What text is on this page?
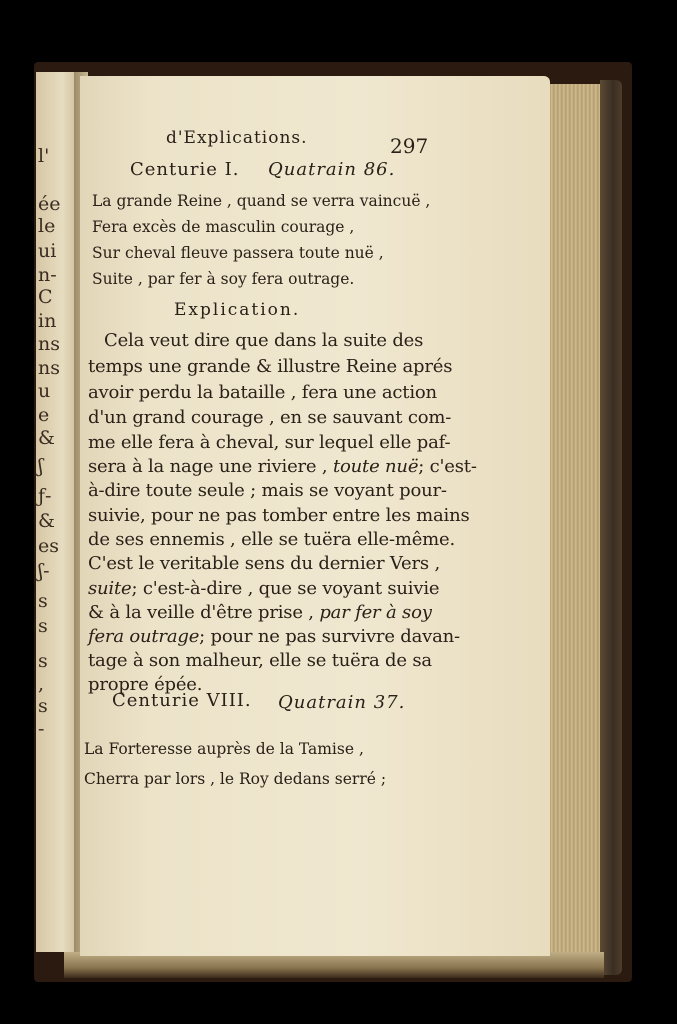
l'
ée
le
ui
n-
C
in
ns
ns
u
e
&
ʃ
ƒ-
&
es
ʃ-
s
s
s
,
s
-
d'Explications.	297
Centurie I. Quatrain 86.
La grande Reine , quand se verra vaincuë ,
Fera excès de masculin courage ,
Sur cheval fleuve passera toute nuë ,
Suite , par fer à soy fera outrage.
Explication.
Cela veut dire que dans la suite des
temps une grande & illustre Reine aprés
avoir perdu la bataille , fera une action
d'un grand courage , en se sauvant com-
me elle fera à cheval, sur lequel elle paf-
sera à la nage une riviere , toute nuë; c'est-
à-dire toute seule ; mais se voyant pour-
suivie, pour ne pas tomber entre les mains
de ses ennemis , elle se tuëra elle-même.
C'est le veritable sens du dernier Vers ,
suite; c'est-à-dire , que se voyant suivie
& à la veille d'être prise , par fer à soy
fera outrage; pour ne pas survivre davan-
tage à son malheur, elle se tuëra de sa
propre épée.
Centurie VIII. Quatrain 37.
La Forteresse auprès de la Tamise ,
Cherra par lors , le Roy dedans serré ;
